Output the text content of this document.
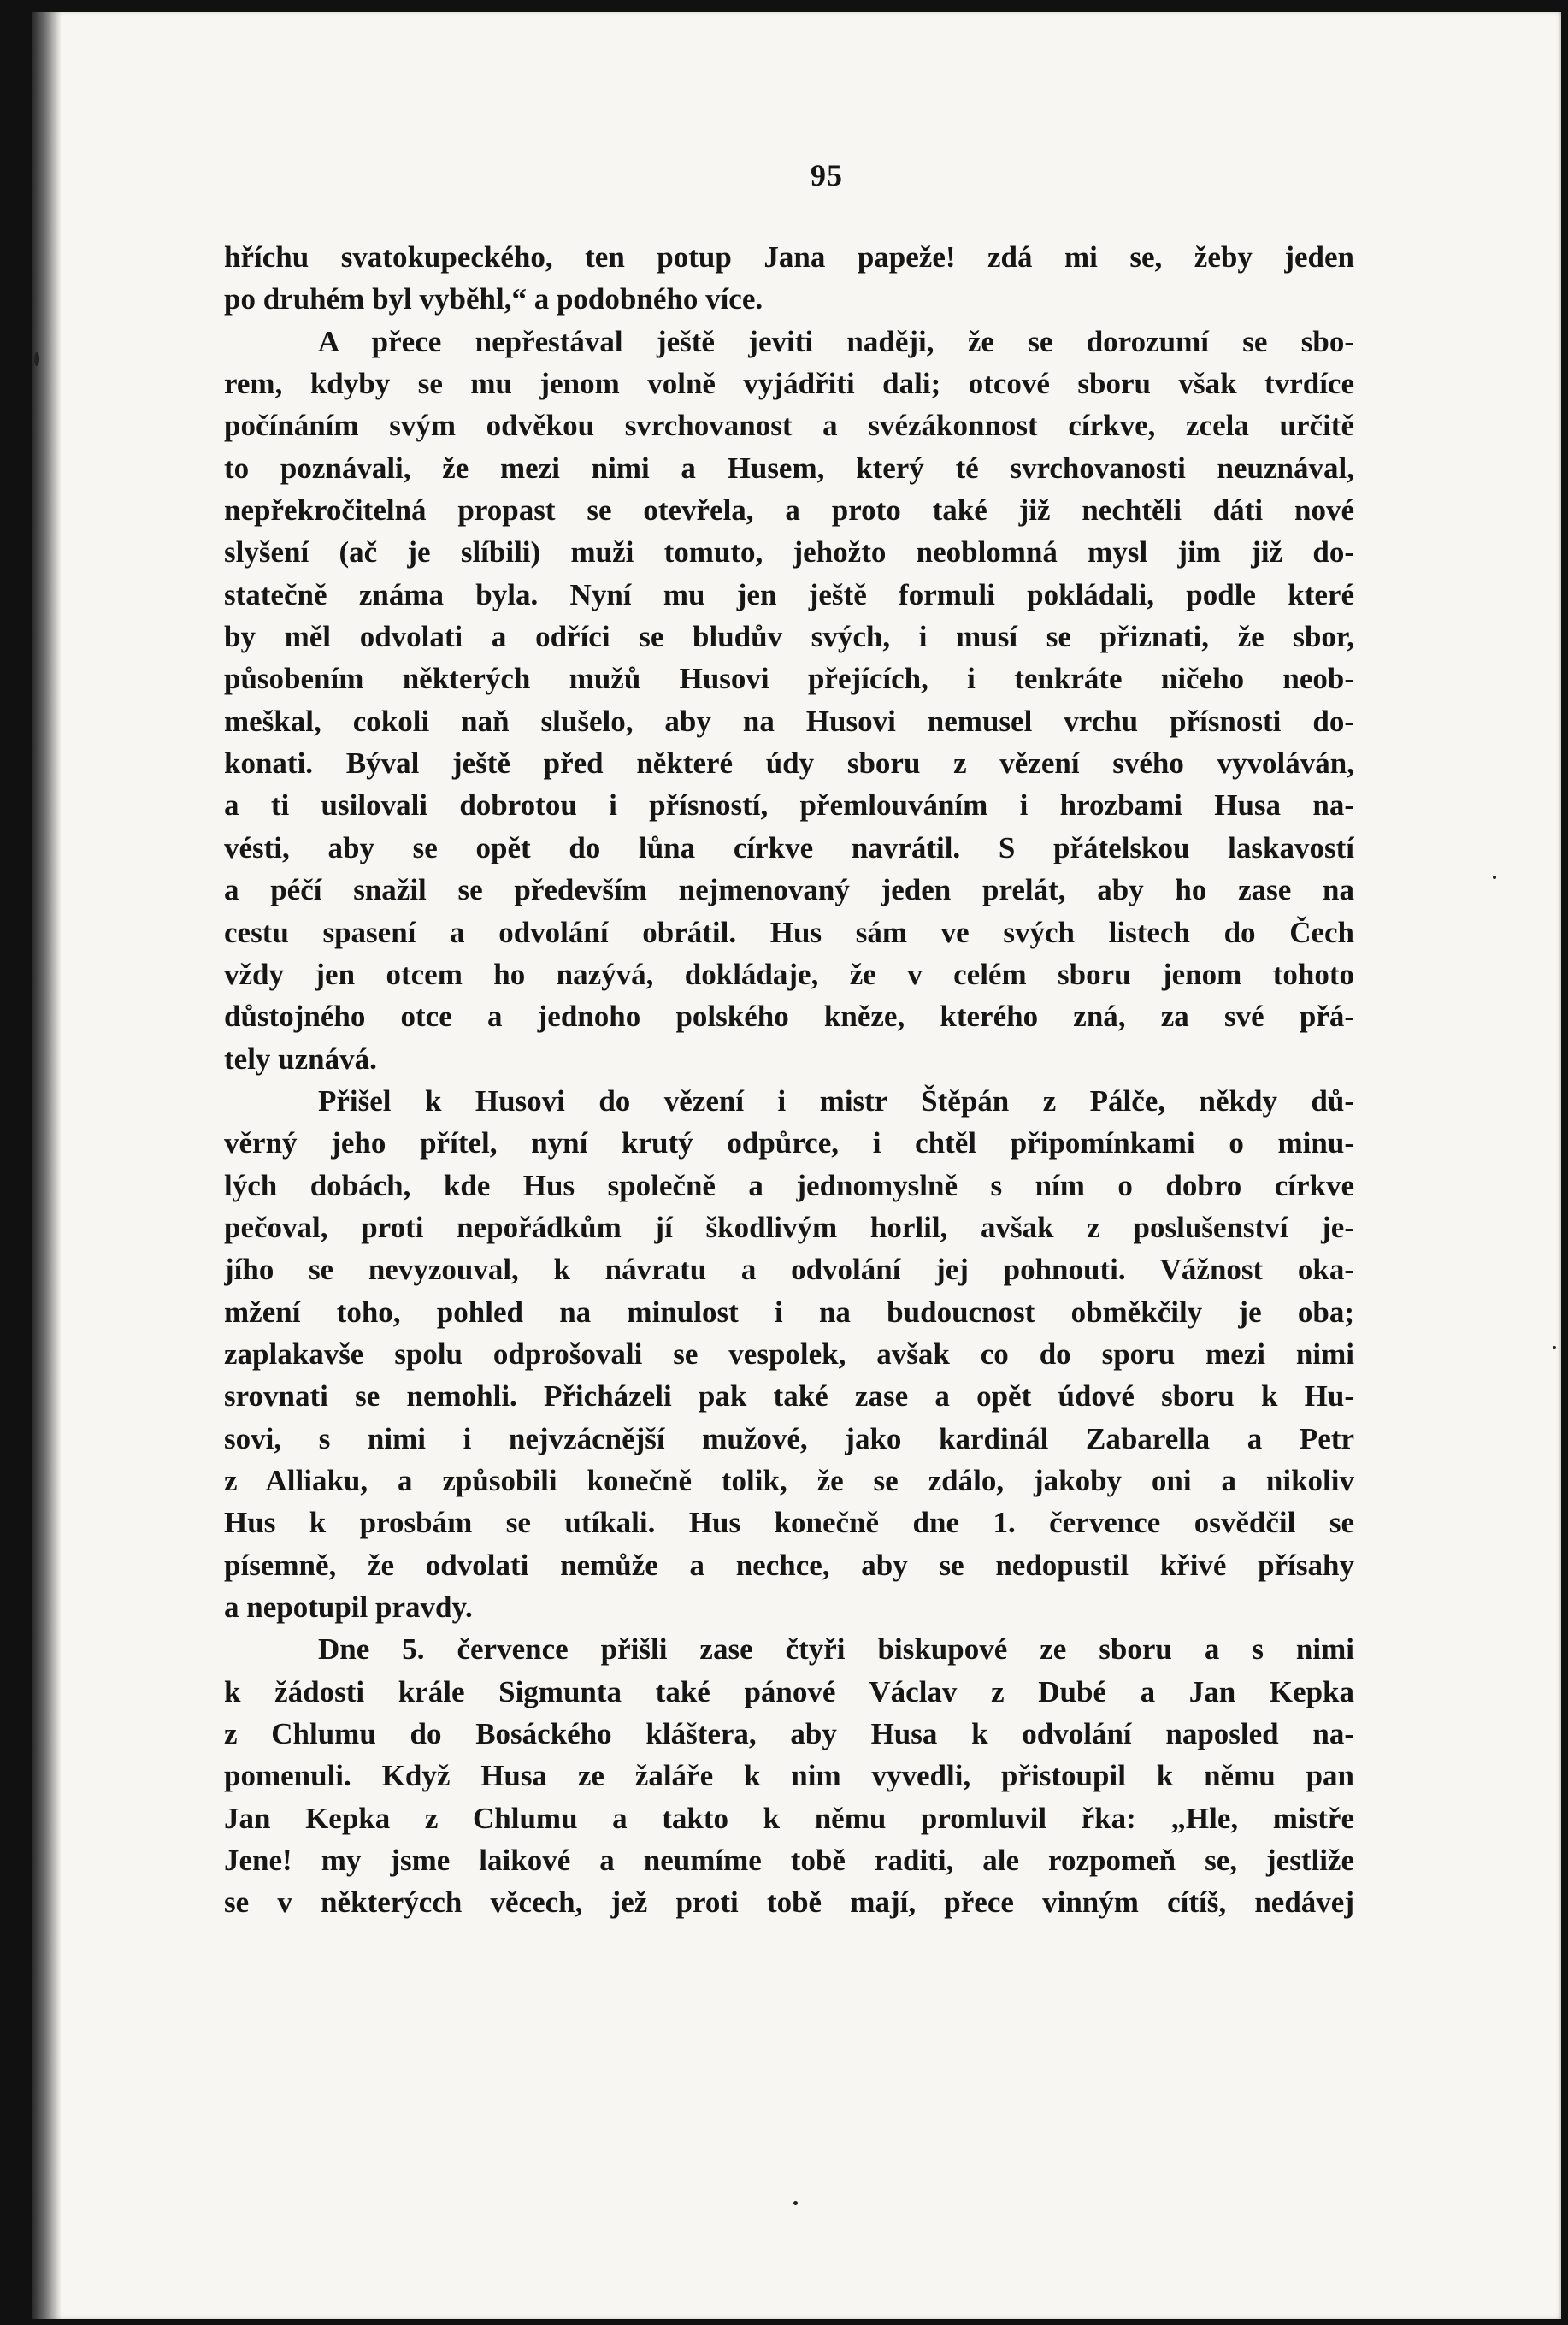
95
hříchu svatokupeckého, ten potup Jana papeže! zdá mi se, žeby jeden
po druhém byl vyběhl,“ a podobného více.
A přece nepřestával ještě jeviti naději, že se dorozumí se sbo-
rem, kdyby se mu jenom volně vyjádřiti dali; otcové sboru však tvrdíce
počínáním svým odvěkou svrchovanost a svézákonnost církve, zcela určitě
to poznávali, že mezi nimi a Husem, který té svrchovanosti neuznával,
nepřekročitelná propast se otevřela, a proto také již nechtěli dáti nové
slyšení (ač je slíbili) muži tomuto, jehožto neoblomná mysl jim již do-
statečně známa byla. Nyní mu jen ještě formuli pokládali, podle které
by měl odvolati a odříci se bludův svých, i musí se přiznati, že sbor,
působením některých mužů Husovi přejících, i tenkráte ničeho neob-
meškal, cokoli naň slušelo, aby na Husovi nemusel vrchu přísnosti do-
konati. Býval ještě před některé údy sboru z vězení svého vyvoláván,
a ti usilovali dobrotou i přísností, přemlouváním i hrozbami Husa na-
vésti, aby se opět do lůna církve navrátil. S přátelskou laskavostí
a péčí snažil se především nejmenovaný jeden prelát, aby ho zase na
cestu spasení a odvolání obrátil. Hus sám ve svých listech do Čech
vždy jen otcem ho nazývá, dokládaje, že v celém sboru jenom tohoto
důstojného otce a jednoho polského kněze, kterého zná, za své přá-
tely uznává.
Přišel k Husovi do vězení i mistr Štěpán z Pálče, někdy dů-
věrný jeho přítel, nyní krutý odpůrce, i chtěl připomínkami o minu-
lých dobách, kde Hus společně a jednomyslně s ním o dobro církve
pečoval, proti nepořádkům jí škodlivým horlil, avšak z poslušenství je-
jího se nevyzouval, k návratu a odvolání jej pohnouti. Vážnost oka-
mžení toho, pohled na minulost i na budoucnost obměkčily je oba;
zaplakavše spolu odprošovali se vespolek, avšak co do sporu mezi nimi
srovnati se nemohli. Přicházeli pak také zase a opět údové sboru k Hu-
sovi, s nimi i nejvzácnější mužové, jako kardinál Zabarella a Petr
z Alliaku, a způsobili konečně tolik, že se zdálo, jakoby oni a nikoliv
Hus k prosbám se utíkali. Hus konečně dne 1. července osvědčil se
písemně, že odvolati nemůže a nechce, aby se nedopustil křivé přísahy
a nepotupil pravdy.
Dne 5. července přišli zase čtyři biskupové ze sboru a s nimi
k žádosti krále Sigmunta také pánové Václav z Dubé a Jan Kepka
z Chlumu do Bosáckého kláštera, aby Husa k odvolání naposled na-
pomenuli. Když Husa ze žaláře k nim vyvedli, přistoupil k němu pan
Jan Kepka z Chlumu a takto k němu promluvil řka: „Hle, mistře
Jene! my jsme laikové a neumíme tobě raditi, ale rozpomeň se, jestliže
se v některýcch věcech, jež proti tobě mají, přece vinným cítíš, nedávej
